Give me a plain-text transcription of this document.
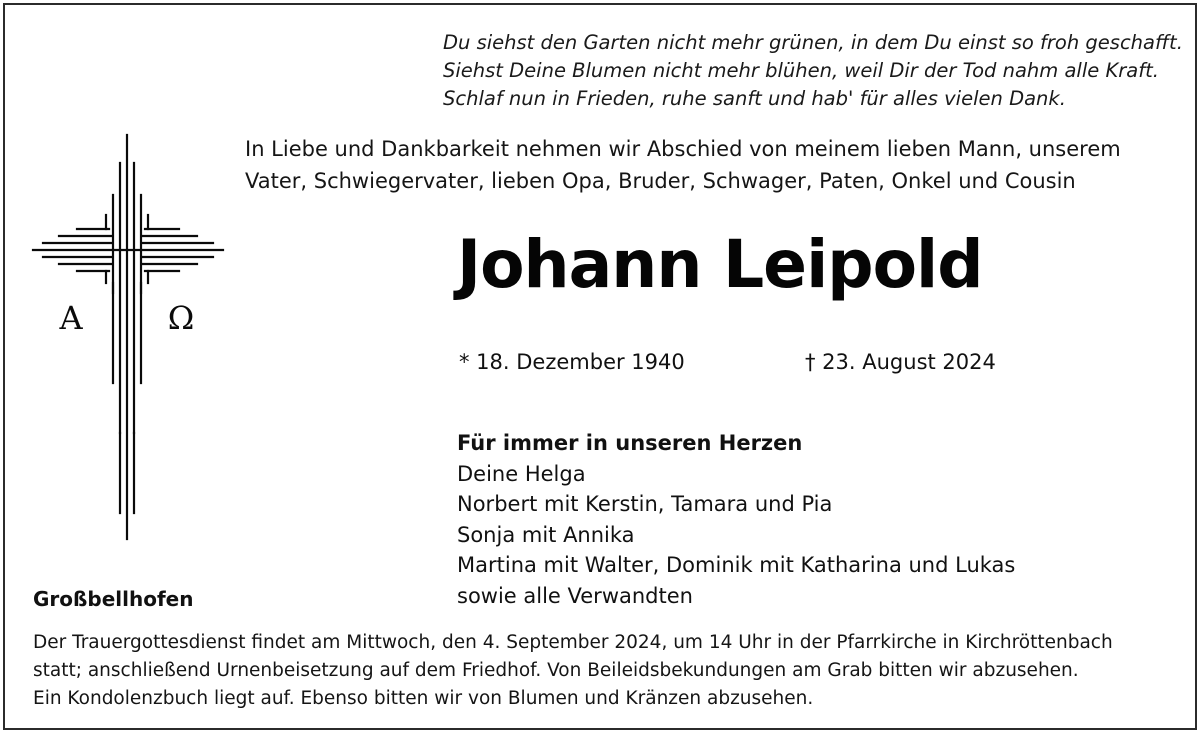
Du siehst den Garten nicht mehr grünen, in dem Du einst so froh geschafft.
Siehst Deine Blumen nicht mehr blühen, weil Dir der Tod nahm alle Kraft.
Schlaf nun in Frieden, ruhe sanft und hab' für alles vielen Dank.
A	Ω
In Liebe und Dankbarkeit nehmen wir Abschied von meinem lieben Mann, unserem
Vater, Schwiegervater, lieben Opa, Bruder, Schwager, Paten, Onkel und Cousin
Johann Leipold
* 18. Dezember 1940	† 23. August 2024
Für immer in unseren Herzen
Deine Helga
Norbert mit Kerstin, Tamara und Pia
Sonja mit Annika
Martina mit Walter, Dominik mit Katharina und Lukas
sowie alle Verwandten
Großbellhofen
Der Trauergottesdienst findet am Mittwoch, den 4. September 2024, um 14 Uhr in der Pfarrkirche in Kirchröttenbach
statt; anschließend Urnenbeisetzung auf dem Friedhof. Von Beileidsbekundungen am Grab bitten wir abzusehen.
Ein Kondolenzbuch liegt auf. Ebenso bitten wir von Blumen und Kränzen abzusehen.
